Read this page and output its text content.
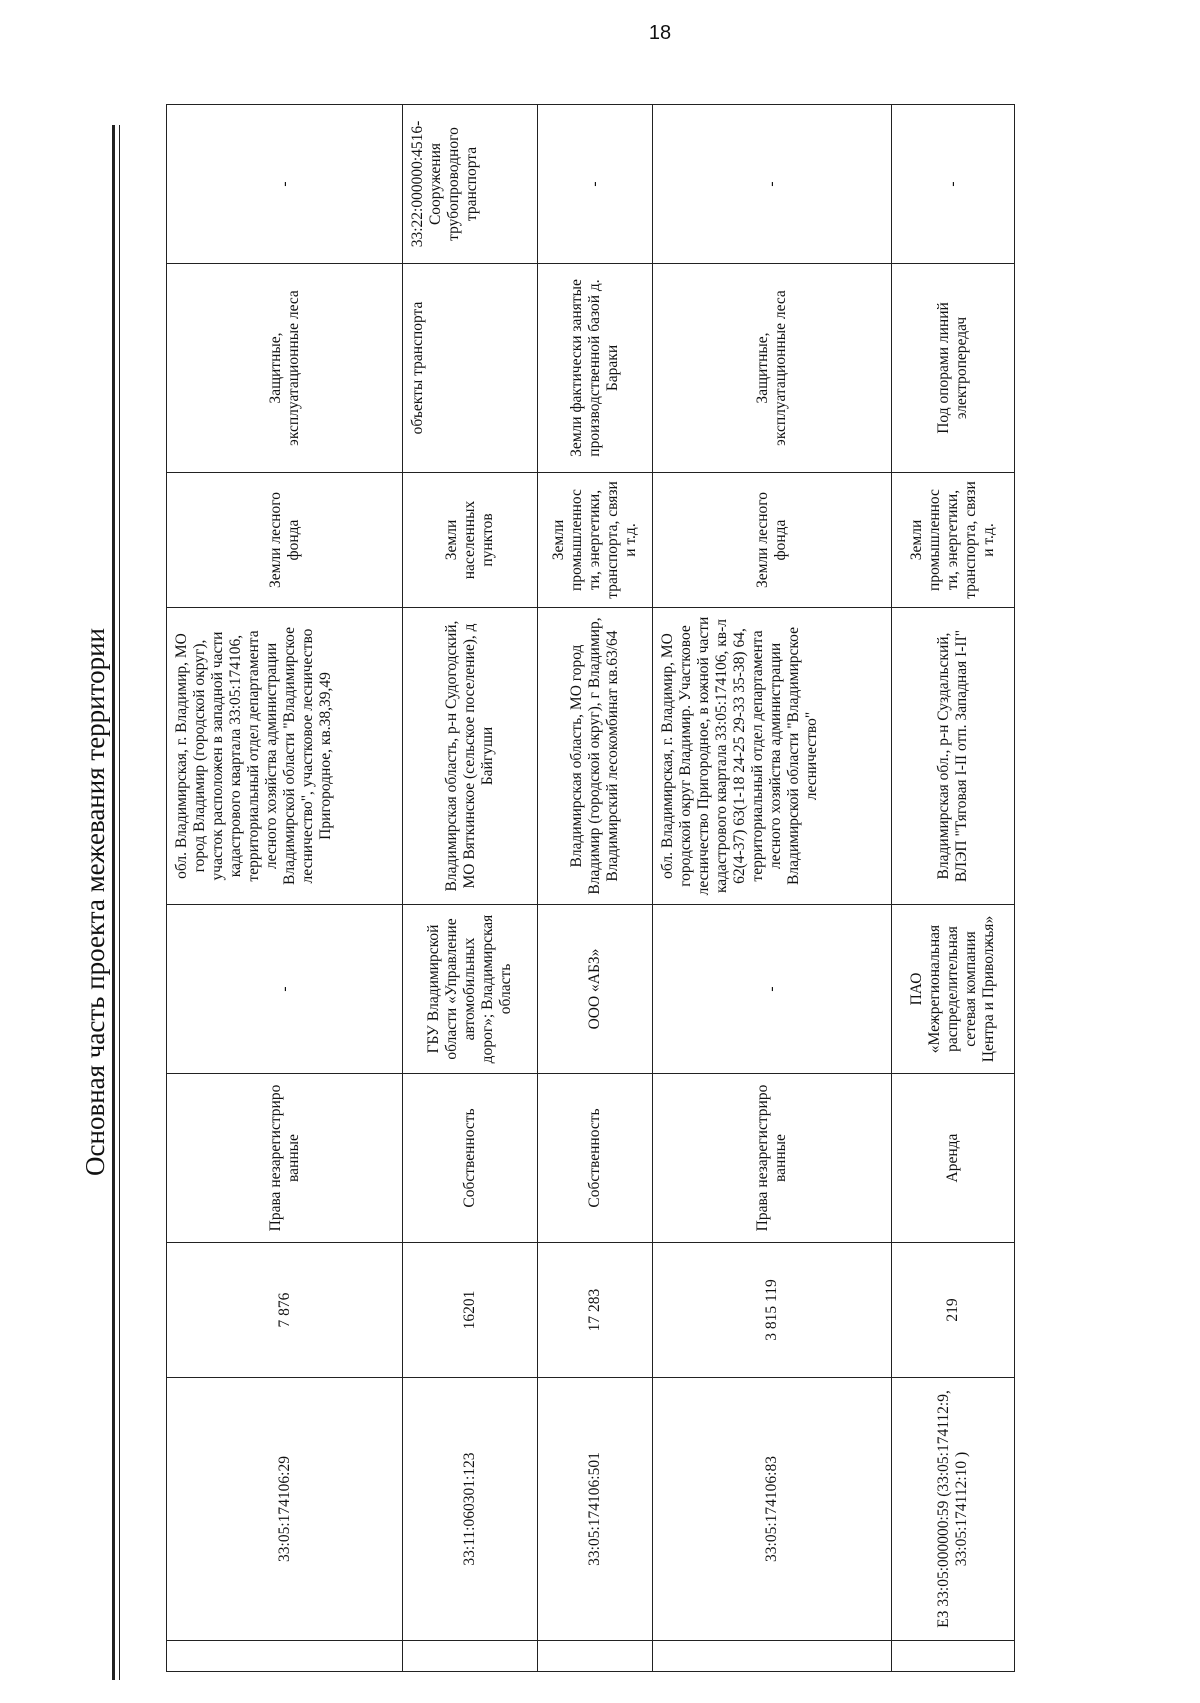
18
Основная часть проекта межевания территории
33:05:174106:29
7 876
Права незарегистриро ванные
-
обл. Владимирская, г. Владимир, МО город Владимир (городской округ), участок расположен в западной части кадастрового квартала 33:05:174106, территориальный отдел департамента лесного хозяйства администрации Владимирской области "Владимирское лесничество", участковое лесничество Пригородное, кв.38,39,49
Земли лесного фонда
Защитные, эксплуатационные леса
-
33:11:060301:123
16201
Собственность
ГБУ Владимирской области «Управление автомобильных дорог»; Владимирская область
Владимирская область, р-н Судогодский, МО Вяткинское (сельское поселение), д Байгуши
Земли населенных пунктов
объекты транспорта
33:22:000000:4516- Сооружения трубопроводного транспорта
33:05:174106:501
17 283
Собственность
ООО «АБЗ»
Владимирская область, МО город Владимир (городской округ), г Владимир, Владимирский лесокомбинат кв.63/64
Земли промышленнос ти, энергетики, транспорта, связи и т.д.
Земли фактически занятые производственной базой д. Бараки
-
33:05:174106:83
3 815 119
Права незарегистриро ванные
-
обл. Владимирская, г. Владимир, МО городской округ Владимир. Участковое лесничество Пригородное, в южной части кадастрового квартала 33:05:174106, кв-л 62(4-37) 63(1-18 24-25 29-33 35-38) 64, территориальный отдел департамента лесного хозяйства администрации Владимирской области "Владимирское лесничество"
Земли лесного фонда
Защитные, эксплуатационные леса
-
ЕЗ 33:05:000000:59 (33:05:174112:9, 33:05:174112:10 )
219
Аренда
ПАО «Межрегиональная распределительная сетевая компания Центра и Приволжья»
Владимирская обл., р-н Суздальский, ВЛЭП "Тяговая I-II отп. Западная I-II"
Земли промышленнос ти, энергетики, транспорта, связи и т.д.
Под опорами линий электропередач
-
